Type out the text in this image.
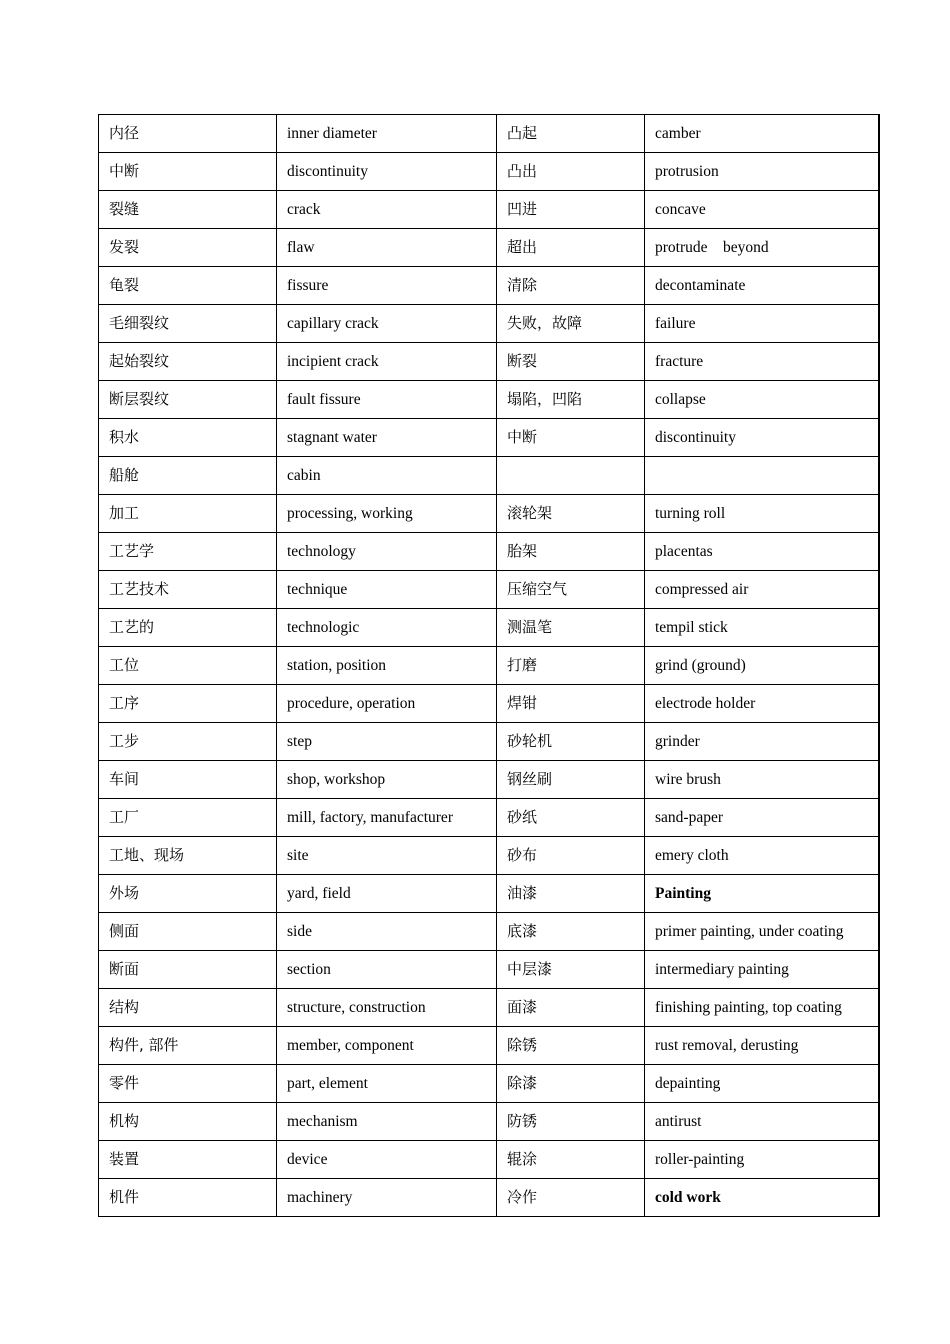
内径	inner diameter	凸起	camber
中断	discontinuity	凸出	protrusion
裂缝	crack	凹进	concave
发裂	flaw	超出	protrude    beyond
龟裂	fissure	清除	decontaminate
毛细裂纹	capillary crack	失败，故障	failure
起始裂纹	incipient crack	断裂	fracture
断层裂纹	fault fissure	塌陷，凹陷	collapse
积水	stagnant water	中断	discontinuity
船舱	cabin		
加工	processing, working	滚轮架	turning roll
工艺学	technology	胎架	placentas
工艺技术	technique	压缩空气	compressed air
工艺的	technologic	测温笔	tempil stick
工位	station, position	打磨	grind (ground)
工序	procedure, operation	焊钳	electrode holder
工步	step	砂轮机	grinder
车间	shop, workshop	钢丝刷	wire brush
工厂	mill, factory, manufacturer	砂纸	sand-paper
工地、现场	site	砂布	emery cloth
外场	yard, field	油漆	Painting
侧面	side	底漆	primer painting, under coating
断面	section	中层漆	intermediary painting
结构	structure, construction	面漆	finishing painting, top coating
构件, 部件	member, component	除锈	rust removal, derusting
零件	part, element	除漆	depainting
机构	mechanism	防锈	antirust
装置	device	辊涂	roller-painting
机件	machinery	冷作	cold work
